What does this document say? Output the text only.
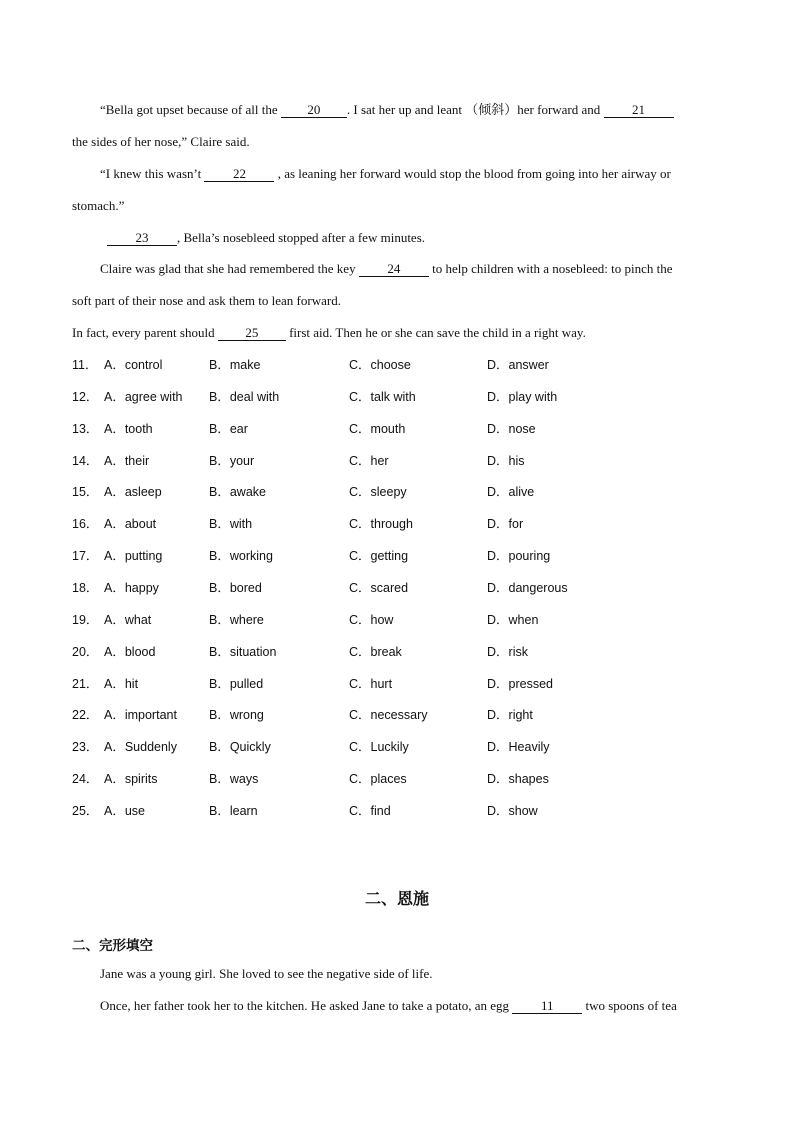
“Bella got upset because of all the 20 . I sat her up and leant （倾斜）her forward and 21
the sides of her nose,” Claire said.
“I knew this wasn’t 22 , as leaning her forward would stop the blood from going into her airway or
stomach.”
23 , Bella’s nosebleed stopped after a few minutes.
Claire was glad that she had remembered the key 24 to help children with a nosebleed: to pinch the
soft part of their nose and ask them to lean forward.
In fact, every parent should 25 first aid. Then he or she can save the child in a right way.
11． A．control	B．make	C．choose	D．answer
12． A．agree with B．deal with	C．talk with	D．play with
13． A．tooth	B．ear	C．mouth	D．nose
14． A．their	B．your	C．her	D．his
15． A．asleep	B．awake	C．sleepy	D．alive
16． A．about	B．with	C．through	D．for
17． A．putting	B．working	C．getting	D．pouring
18． A．happy	B．bored	C．scared	D．dangerous
19． A．what	B．where	C．how	D．when
20． A．blood	B．situation	C．break	D．risk
21． A．hit	B．pulled	C．hurt	D．pressed
22． A．important	B．wrong	C．necessary	D．right
23． A．Suddenly	B．Quickly	C．Luckily	D．Heavily
24． A．spirits	B．ways	C．places	D．shapes
25． A．use	B．learn	C．find	D．show
二、恩施
二、完形填空
Jane was a young girl. She loved to see the negative side of life.
Once, her father took her to the kitchen. He asked Jane to take a potato, an egg 11 two spoons of tea
